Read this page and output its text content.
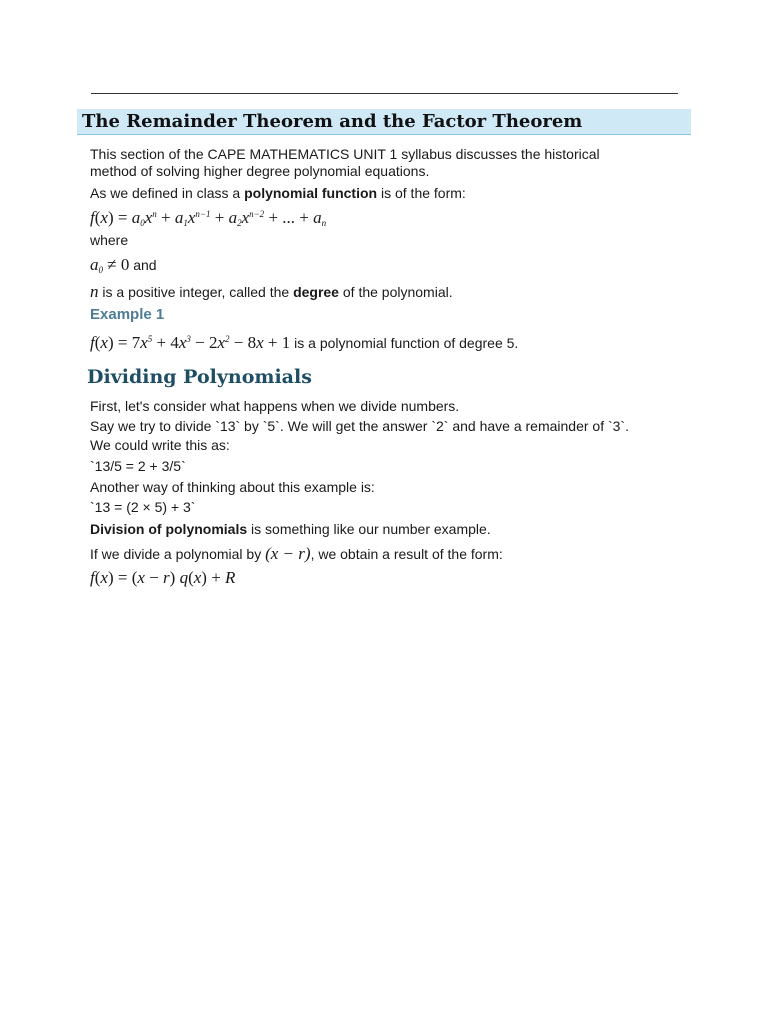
The Remainder Theorem and the Factor Theorem
This section of the CAPE MATHEMATICS UNIT 1 syllabus discusses the historical
method of solving higher degree polynomial equations.
As we defined in class a polynomial function is of the form:
$f(x) = a_0x^n + a_1x^{n-1} + a_2x^{n-2}$ + ... + $a_n$
where
$a_0 \ne 0$ and
n is a positive integer, called the degree of the polynomial.
Example 1
$f(x) = 7x^5 + 4x^3 - 2x^2 - 8x + 1$ is a polynomial function of degree 5.
Dividing Polynomials
First, let's consider what happens when we divide numbers.
Say we try to divide `13` by `5`. We will get the answer `2` and have a remainder of `3`.
We could write this as:
`13/5 = 2 + 3/5`
Another way of thinking about this example is:
`13 = (2 × 5) + 3`
Division of polynomials is something like our number example.
If we divide a polynomial by (x − r), we obtain a result of the form:
f(x) = (x − r) q(x) + R
